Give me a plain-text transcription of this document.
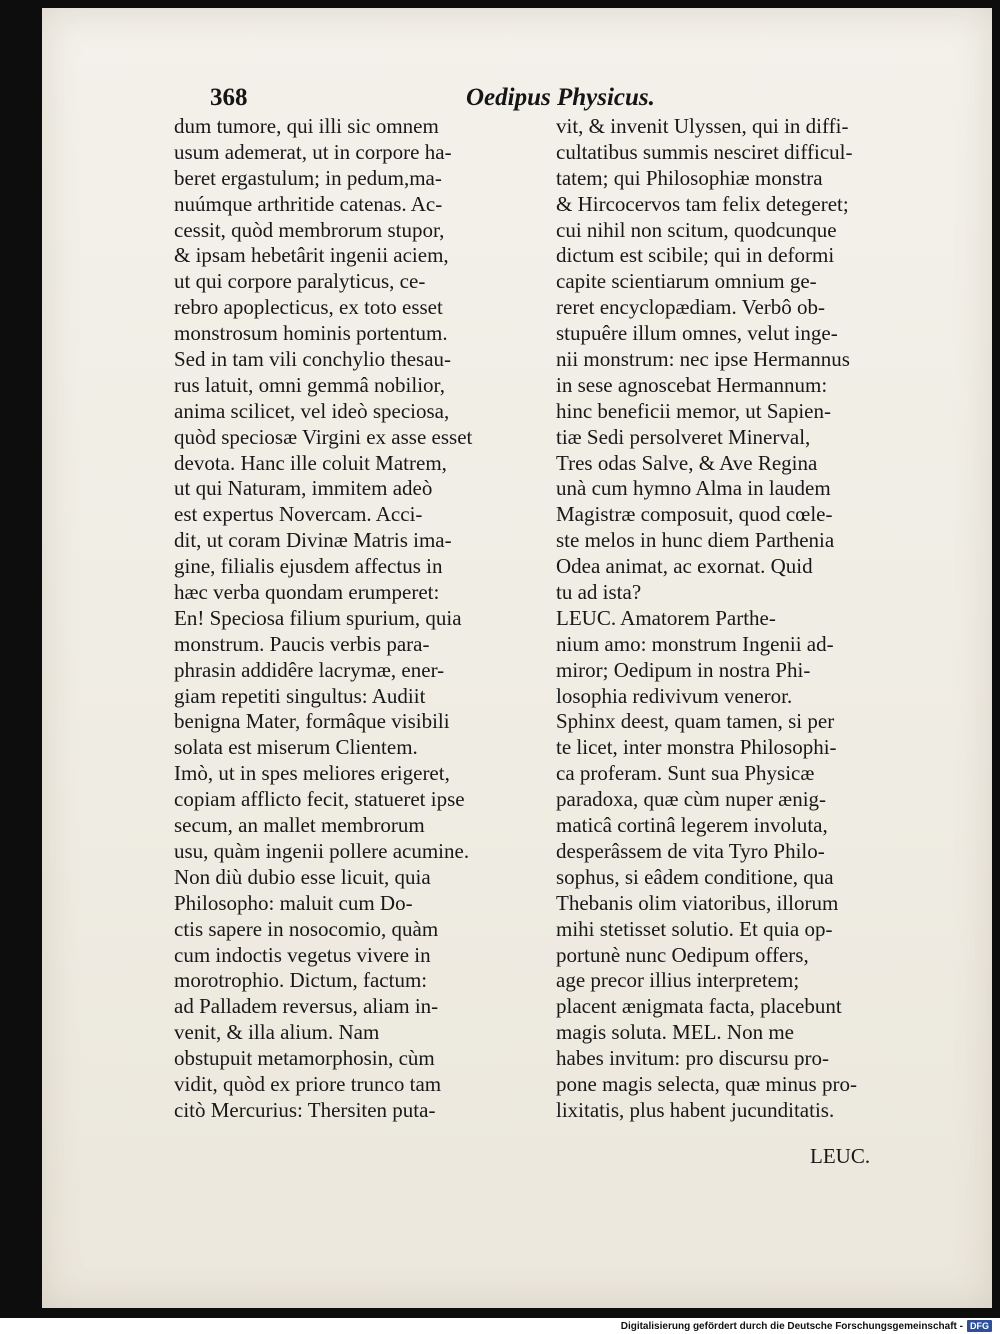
368	Oedipus Physicus.
dum tumore, qui illi sic omnem
usum ademerat, ut in corpore ha-
beret ergastulum; in pedum,ma-
nuúmque arthritide catenas. Ac-
cessit, quòd membrorum stupor,
& ipsam hebetârit ingenii aciem,
ut qui corpore paralyticus, ce-
rebro apoplecticus, ex toto esset
monstrosum hominis portentum.
Sed in tam vili conchylio thesau-
rus latuit, omni gemmâ nobilior,
anima scilicet, vel ideò speciosa,
quòd speciosæ Virgini ex asse esset
devota. Hanc ille coluit Matrem,
ut qui Naturam, immitem adeò
est expertus Novercam. Acci-
dit, ut coram Divinæ Matris ima-
gine, filialis ejusdem affectus in
hæc verba quondam erumperet:
En! Speciosa filium spurium, quia
monstrum. Paucis verbis para-
phrasin addidêre lacrymæ, ener-
giam repetiti singultus: Audiit
benigna Mater, formâque visibili
solata est miserum Clientem.
Imò, ut in spes meliores erigeret,
copiam afflicto fecit, statueret ipse
secum, an mallet membrorum
usu, quàm ingenii pollere acumine.
Non diù dubio esse licuit, quia
Philosopho: maluit cum Do-
ctis sapere in nosocomio, quàm
cum indoctis vegetus vivere in
morotrophio. Dictum, factum:
ad Palladem reversus, aliam in-
venit, & illa alium. Nam
obstupuit metamorphosin, cùm
vidit, quòd ex priore trunco tam
citò Mercurius: Thersiten puta-
vit, & invenit Ulyssen, qui in diffi-
cultatibus summis nesciret difficul-
tatem; qui Philosophiæ monstra
& Hircocervos tam felix detegeret;
cui nihil non scitum, quodcunque
dictum est scibile; qui in deformi
capite scientiarum omnium ge-
reret encyclopædiam. Verbô ob-
stupuêre illum omnes, velut inge-
nii monstrum: nec ipse Hermannus
in sese agnoscebat Hermannum:
hinc beneficii memor, ut Sapien-
tiæ Sedi persolveret Minerval,
Tres odas Salve, & Ave Regina
unà cum hymno Alma in laudem
Magistræ composuit, quod cœle-
ste melos in hunc diem Parthenia
Odea animat, ac exornat. Quid
tu ad ista?
LEUC. Amatorem Parthe-
nium amo: monstrum Ingenii ad-
miror; Oedipum in nostra Phi-
losophia redivivum veneror.
Sphinx deest, quam tamen, si per
te licet, inter monstra Philosophi-
ca proferam. Sunt sua Physicæ
paradoxa, quæ cùm nuper ænig-
maticâ cortinâ legerem involuta,
desperâssem de vita Tyro Philo-
sophus, si eâdem conditione, qua
Thebanis olim viatoribus, illorum
mihi stetisset solutio. Et quia op-
portunè nunc Oedipum offers,
age precor illius interpretem;
placent ænigmata facta, placebunt
magis soluta. MEL. Non me
habes invitum: pro discursu pro-
pone magis selecta, quæ minus pro-
lixitatis, plus habent jucunditatis.
LEUC.
Digitalisierung gefördert durch die Deutsche Forschungsgemeinschaft - DFG
